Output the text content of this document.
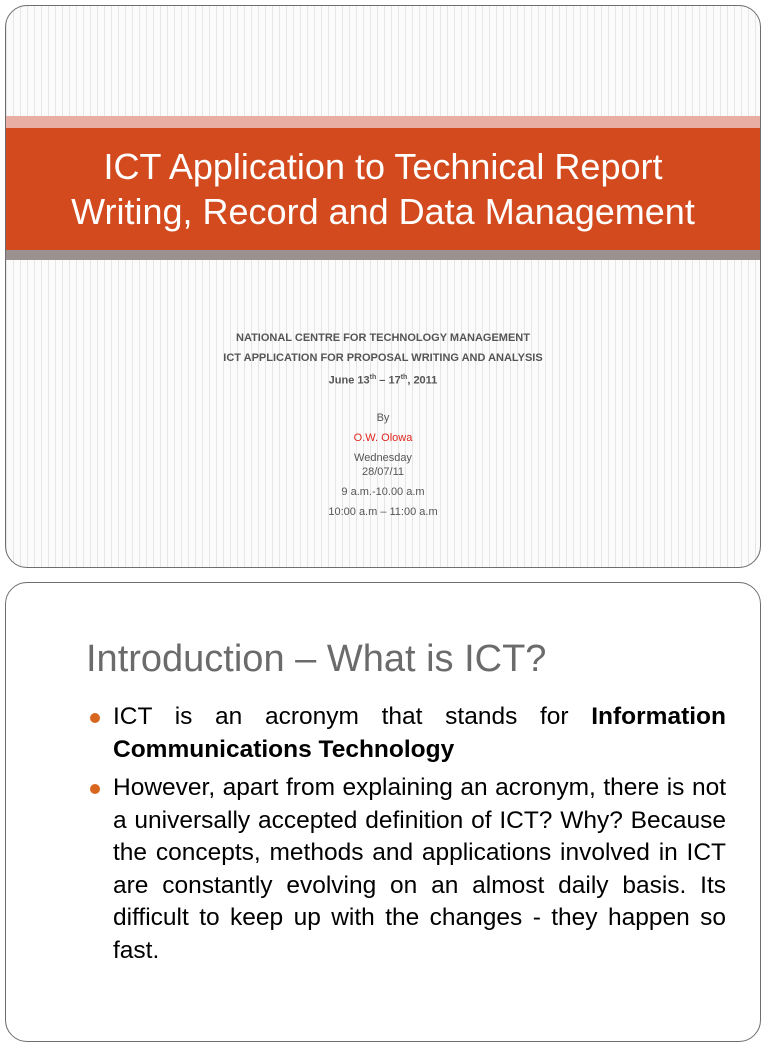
ICT Application to Technical Report
Writing, Record and Data Management
NATIONAL CENTRE FOR TECHNOLOGY MANAGEMENT
ICT APPLICATION FOR PROPOSAL WRITING AND ANALYSIS
June 13th – 17th, 2011
By
O.W. Olowa
Wednesday
28/07/11
9 a.m.-10.00 a.m
10:00 a.m – 11:00 a.m
Introduction – What is ICT?
ICT is an acronym that stands for Information Communications Technology
However, apart from explaining an acronym, there is not a universally accepted definition of ICT? Why? Because the concepts, methods and applications involved in ICT are constantly evolving on an almost daily basis. Its difficult to keep up with the changes - they happen so fast.
